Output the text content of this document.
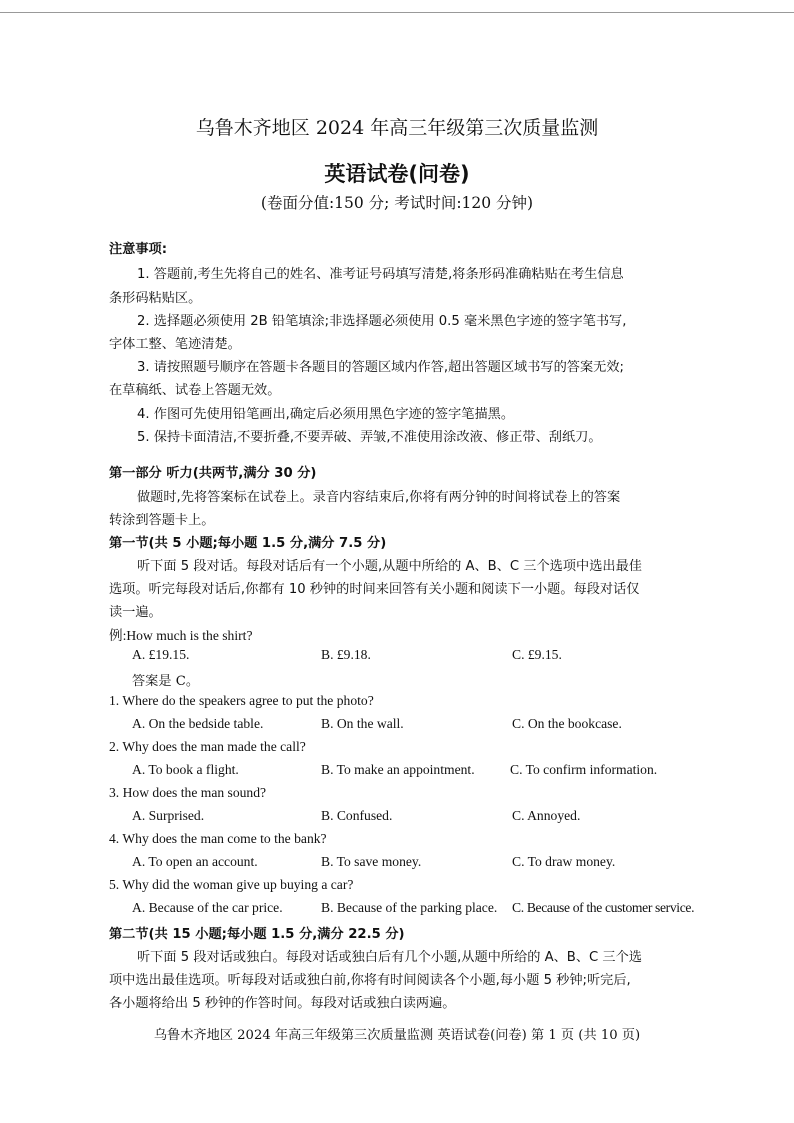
乌鲁木齐地区 2024 年高三年级第三次质量监测
英语试卷(问卷)
(卷面分值:150 分; 考试时间:120 分钟)
注意事项:
1. 答题前,考生先将自己的姓名、准考证号码填写清楚,将条形码准确粘贴在考生信息
条形码粘贴区。
2. 选择题必须使用 2B 铅笔填涂;非选择题必须使用 0.5 毫米黑色字迹的签字笔书写,
字体工整、笔迹清楚。
3. 请按照题号顺序在答题卡各题目的答题区域内作答,超出答题区域书写的答案无效;
在草稿纸、试卷上答题无效。
4. 作图可先使用铅笔画出,确定后必须用黑色字迹的签字笔描黑。
5. 保持卡面清洁,不要折叠,不要弄破、弄皱,不准使用涂改液、修正带、刮纸刀。
第一部分 听力(共两节,满分 30 分)
做题时,先将答案标在试卷上。录音内容结束后,你将有两分钟的时间将试卷上的答案
转涂到答题卡上。
第一节(共 5 小题;每小题 1.5 分,满分 7.5 分)
听下面 5 段对话。每段对话后有一个小题,从题中所给的 A、B、C 三个选项中选出最佳
选项。听完每段对话后,你都有 10 秒钟的时间来回答有关小题和阅读下一小题。每段对话仅
读一遍。
例:How much is the shirt?
A. £19.15.	B. £9.18.	C. £9.15.
答案是 C。
1. Where do the speakers agree to put the photo?
A. On the bedside table.	B. On the wall.	C. On the bookcase.
2. Why does the man made the call?
A. To book a flight.	B. To make an appointment.	C. To confirm information.
3. How does the man sound?
A. Surprised.	B. Confused.	C. Annoyed.
4. Why does the man come to the bank?
A. To open an account.	B. To save money.	C. To draw money.
5. Why did the woman give up buying a car?
A. Because of the car price.	B. Because of the parking place. C. Because of the customer service.
第二节(共 15 小题;每小题 1.5 分,满分 22.5 分)
听下面 5 段对话或独白。每段对话或独白后有几个小题,从题中所给的 A、B、C 三个选
项中选出最佳选项。听每段对话或独白前,你将有时间阅读各个小题,每小题 5 秒钟;听完后,
各小题将给出 5 秒钟的作答时间。每段对话或独白读两遍。
乌鲁木齐地区 2024 年高三年级第三次质量监测 英语试卷(问卷) 第 1 页 (共 10 页)
